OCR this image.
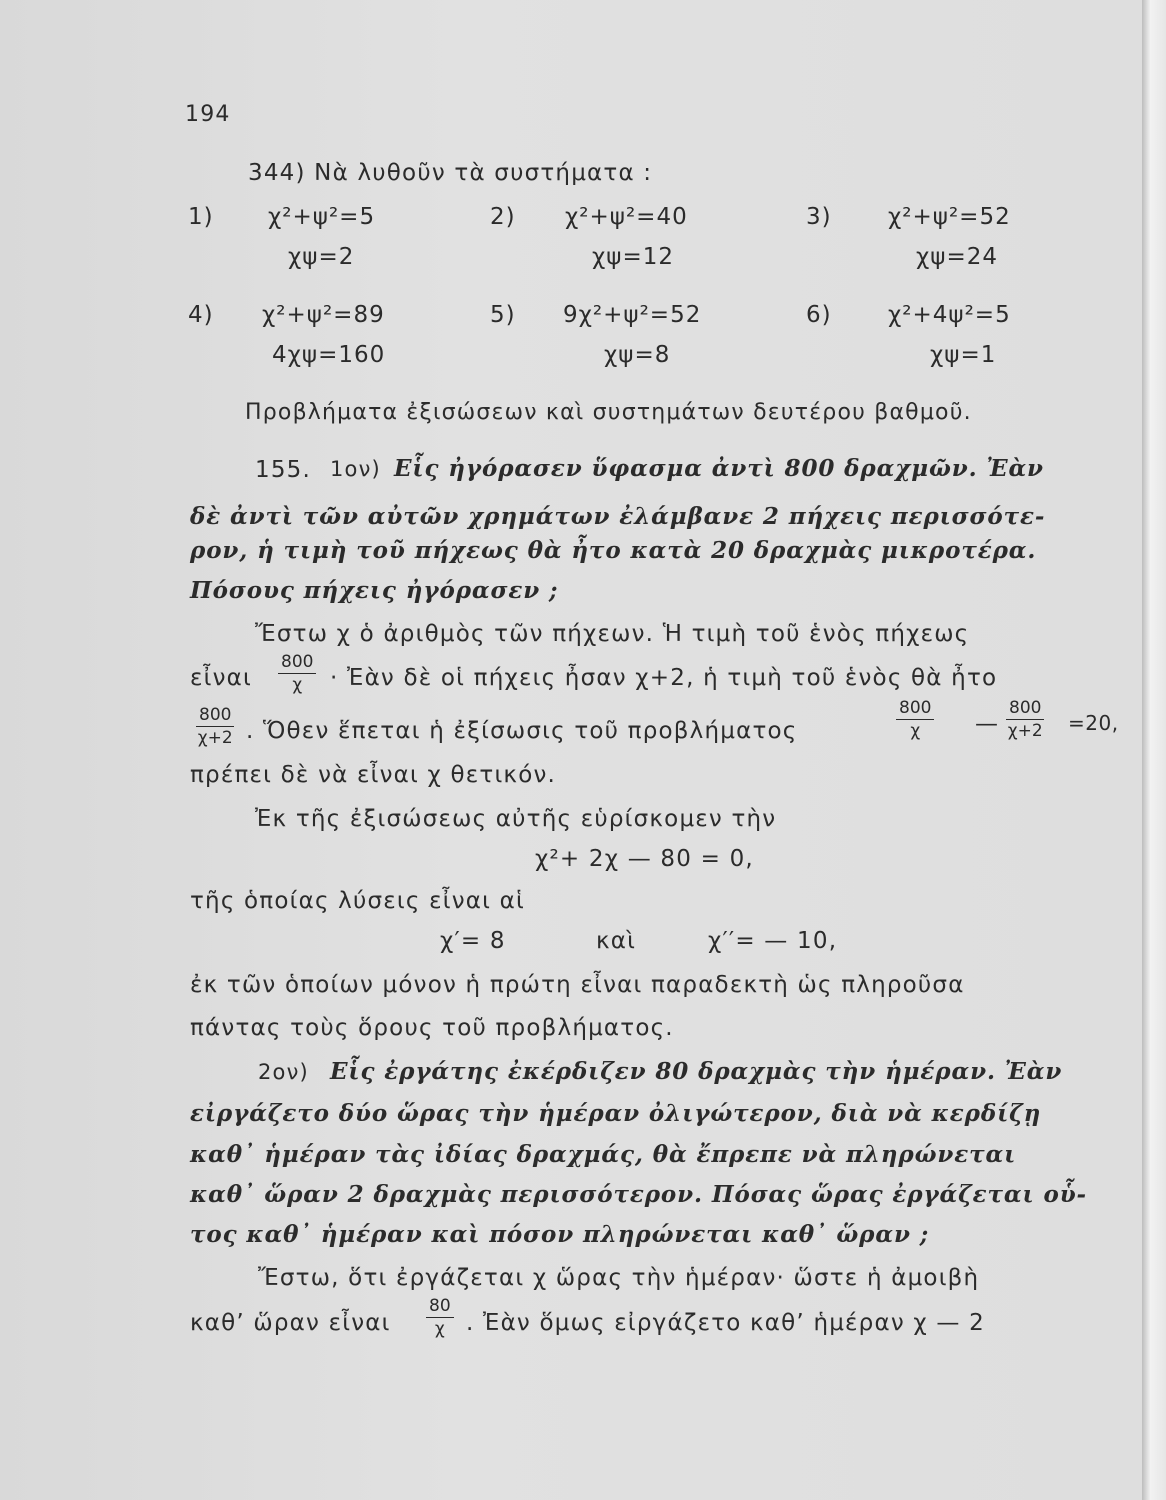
194
344) Νὰ λυθοῦν τὰ συστήματα :
1) χ²+ψ²=5
χψ=2
2) χ²+ψ²=40
χψ=12
3) χ²+ψ²=52
χψ=24
4) χ²+ψ²=89
4χψ=160
5) 9χ²+ψ²=52
χψ=8
6) χ²+4ψ²=5
χψ=1
Προβλήματα ἐξισώσεων καὶ συστημάτων δευτέρου βαθμοῦ.
155. 1ον) Εἷς ἠγόρασεν ὕφασμα ἀντὶ 800 δραχμῶν. Ἐὰν
δὲ ἀντὶ τῶν αὐτῶν χρημάτων ἐλάμβανε 2 πήχεις περισσότε-
ρον, ἡ τιμὴ τοῦ πήχεως θὰ ἦτο κατὰ 20 δραχμὰς μικροτέρα.
Πόσους πήχεις ἠγόρασεν ;
Ἔστω χ ὁ ἀριθμὸς τῶν πήχεων. Ἡ τιμὴ τοῦ ἑνὸς πήχεως
εἶναι $\frac{800}{\chi}$ · Ἐὰν δὲ οἱ πήχεις ἦσαν χ+2, ἡ τιμὴ τοῦ ἑνὸς θὰ ἦτο
$\frac{800}{\chi+2}$ . Ὅθεν ἕπεται ἡ ἐξίσωσις τοῦ προβλήματος	$\frac{800}{\chi}$ — $\frac{800}{\chi+2} =20$,
πρέπει δὲ νὰ εἶναι χ θετικόν.
Ἐκ τῆς ἐξισώσεως αὐτῆς εὑρίσκομεν τὴν
χ²+ 2χ — 80 = 0,
τῆς ὁποίας λύσεις εἶναι αἱ
χ′= 8	καὶ	χ′′= — 10,
ἐκ τῶν ὁποίων μόνον ἡ πρώτη εἶναι παραδεκτὴ ὡς πληροῦσα
πάντας τοὺς ὅρους τοῦ προβλήματος.
2ον) Εἷς ἐργάτης ἐκέρδιζεν 80 δραχμὰς τὴν ἡμέραν. Ἐὰν
εἰργάζετο δύο ὥρας τὴν ἡμέραν ὀλιγώτερον, διὰ νὰ κερδίζῃ
καθ᾽ ἡμέραν τὰς ἰδίας δραχμάς, θὰ ἔπρεπε νὰ πληρώνεται
καθ᾽ ὥραν 2 δραχμὰς περισσότερον. Πόσας ὥρας ἐργάζεται οὗ-
τος καθ᾽ ἡμέραν καὶ πόσον πληρώνεται καθ᾽ ὥραν ;
Ἔστω, ὅτι ἐργάζεται χ ὥρας τὴν ἡμέραν· ὥστε ἡ ἀμοιβὴ
καθ’ ὥραν εἶναι $\frac{80}{\chi}$ . Ἐὰν ὅμως εἰργάζετο καθ’ ἡμέραν χ — 2
